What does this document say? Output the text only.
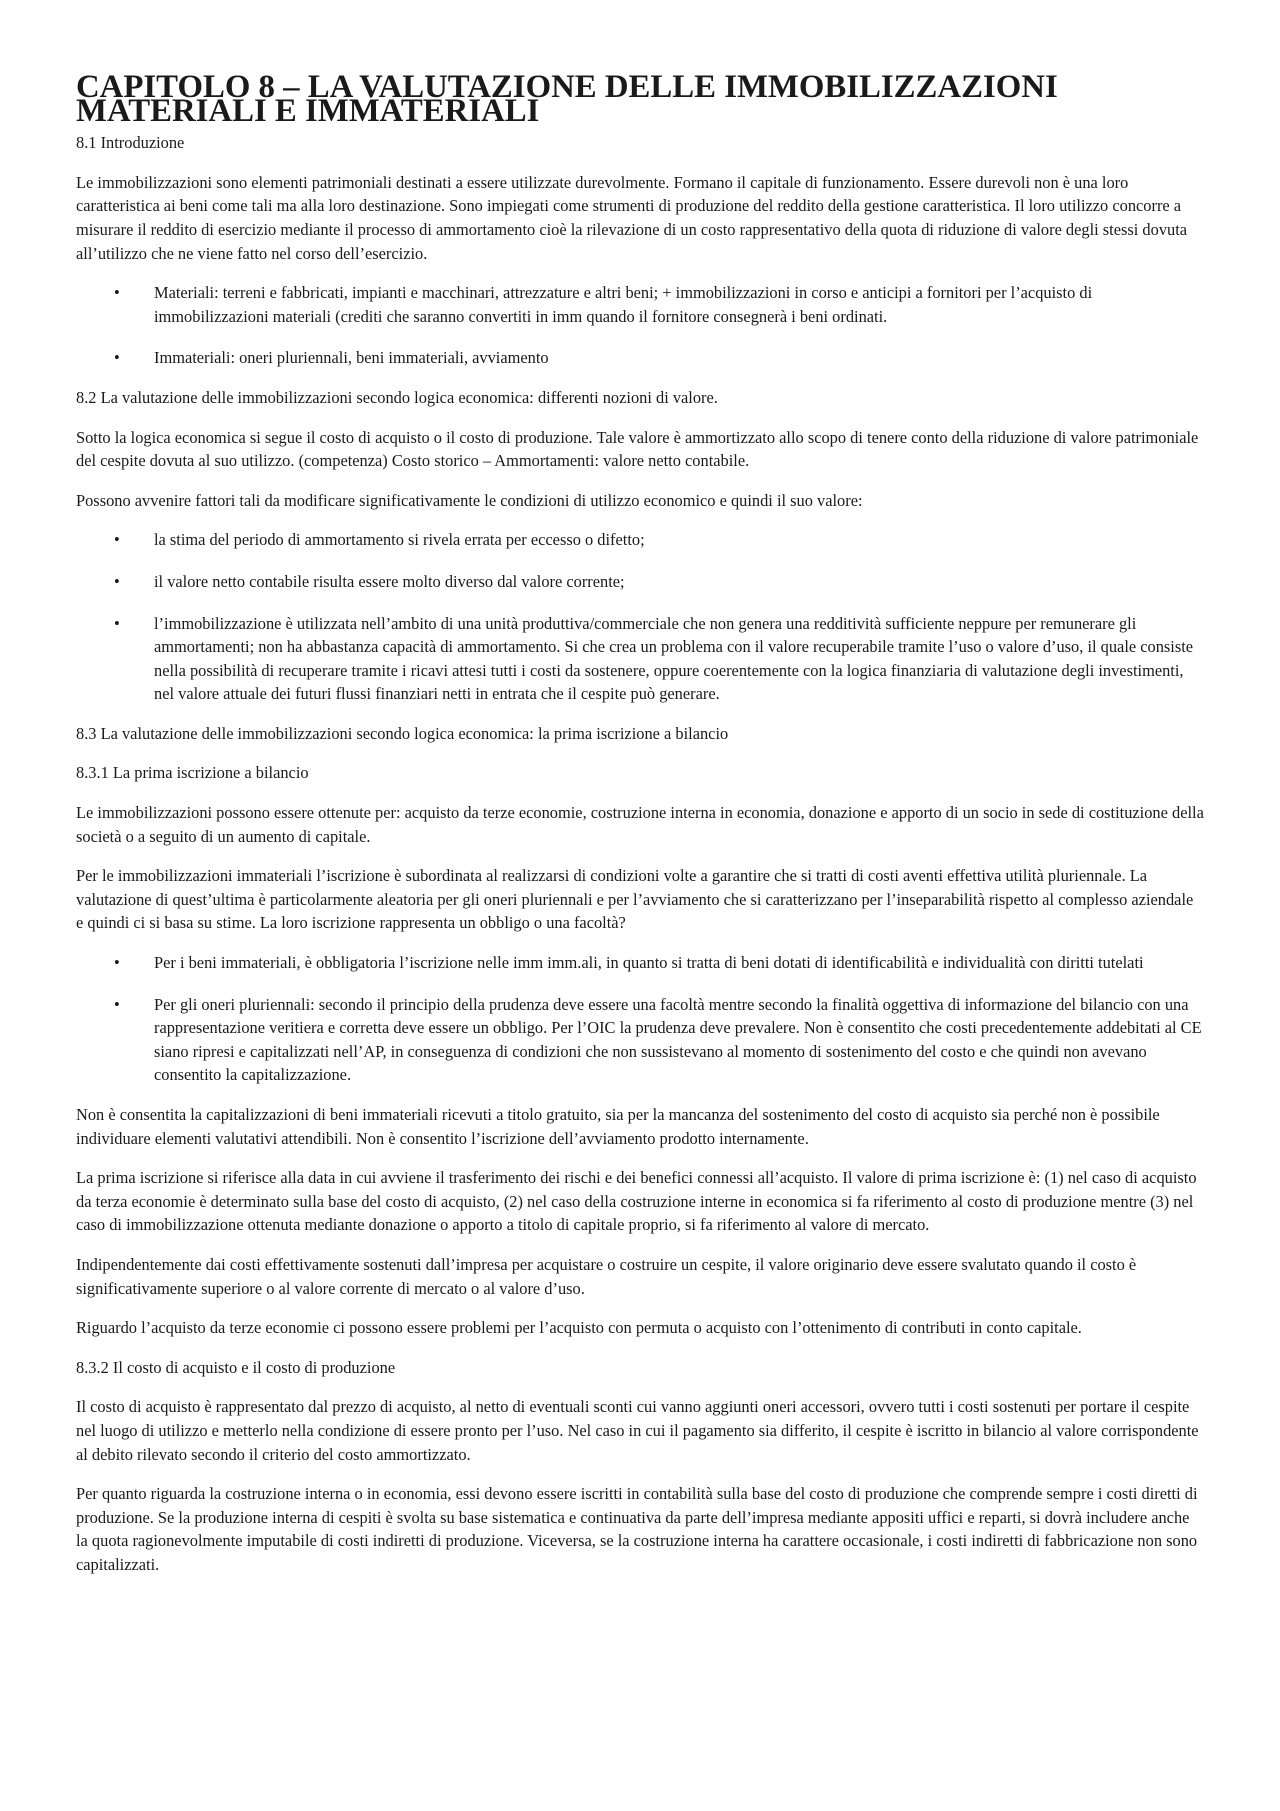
CAPITOLO 8 – LA VALUTAZIONE DELLE IMMOBILIZZAZIONI MATERIALI E IMMATERIALI
8.1 Introduzione

Le immobilizzazioni sono elementi patrimoniali destinati a essere utilizzate durevolmente. Formano il capitale di funzionamento. Essere durevoli non è una loro caratteristica ai beni come tali ma alla loro destinazione. Sono impiegati come strumenti di produzione del reddito della gestione caratteristica. Il loro utilizzo concorre a misurare il reddito di esercizio mediante il processo di ammortamento cioè la rilevazione di un costo rappresentativo della quota di riduzione di valore degli stessi dovuta all’utilizzo che ne viene fatto nel corso dell’esercizio.

• Materiali: terreni e fabbricati, impianti e macchinari, attrezzature e altri beni; + immobilizzazioni in corso e anticipi a fornitori per l’acquisto di immobilizzazioni materiali (crediti che saranno convertiti in imm quando il fornitore consegnerà i beni ordinati.
• Immateriali: oneri pluriennali, beni immateriali, avviamento
8.2 La valutazione delle immobilizzazioni secondo logica economica: differenti nozioni di valore.

Sotto la logica economica si segue il costo di acquisto o il costo di produzione. Tale valore è ammortizzato allo scopo di tenere conto della riduzione di valore patrimoniale del cespite dovuta al suo utilizzo. (competenza) Costo storico – Ammortamenti: valore netto contabile.

Possono avvenire fattori tali da modificare significativamente le condizioni di utilizzo economico e quindi il suo valore:

• la stima del periodo di ammortamento si rivela errata per eccesso o difetto;
• il valore netto contabile risulta essere molto diverso dal valore corrente;
• l’immobilizzazione è utilizzata nell’ambito di una unità produttiva/commerciale che non genera una redditività sufficiente neppure per remunerare gli ammortamenti; non ha abbastanza capacità di ammortamento. Si che crea un problema con il valore recuperabile tramite l’uso o valore d’uso, il quale consiste nella possibilità di recuperare tramite i ricavi attesi tutti i costi da sostenere, oppure coerentemente con la logica finanziaria di valutazione degli investimenti, nel valore attuale dei futuri flussi finanziari netti in entrata che il cespite può generare.
8.3 La valutazione delle immobilizzazioni secondo logica economica: la prima iscrizione a bilancio
8.3.1 La prima iscrizione a bilancio

Le immobilizzazioni possono essere ottenute per: acquisto da terze economie, costruzione interna in economia, donazione e apporto di un socio in sede di costituzione della società o a seguito di un aumento di capitale.

Per le immobilizzazioni immateriali l’iscrizione è subordinata al realizzarsi di condizioni volte a garantire che si tratti di costi aventi effettiva utilità pluriennale. La valutazione di quest’ultima è particolarmente aleatoria per gli oneri pluriennali e per l’avviamento che si caratterizzano per l’inseparabilità rispetto al complesso aziendale e quindi ci si basa su stime. La loro iscrizione rappresenta un obbligo o una facoltà?

• Per i beni immateriali, è obbligatoria l’iscrizione nelle imm imm.ali, in quanto si tratta di beni dotati di identificabilità e individualità con diritti tutelati
• Per gli oneri pluriennali: secondo il principio della prudenza deve essere una facoltà mentre secondo la finalità oggettiva di informazione del bilancio con una rappresentazione veritiera e corretta deve essere un obbligo. Per l’OIC la prudenza deve prevalere. Non è consentito che costi precedentemente addebitati al CE siano ripresi e capitalizzati nell’AP, in conseguenza di condizioni che non sussistevano al momento di sostenimento del costo e che quindi non avevano consentito la capitalizzazione.

Non è consentita la capitalizzazioni di beni immateriali ricevuti a titolo gratuito, sia per la mancanza del sostenimento del costo di acquisto sia perché non è possibile individuare elementi valutativi attendibili. Non è consentito l’iscrizione dell’avviamento prodotto internamente.

La prima iscrizione si riferisce alla data in cui avviene il trasferimento dei rischi e dei benefici connessi all’acquisto. Il valore di prima iscrizione è: (1) nel caso di acquisto da terza economie è determinato sulla base del costo di acquisto, (2) nel caso della costruzione interne in economica si fa riferimento al costo di produzione mentre (3) nel caso di immobilizzazione ottenuta mediante donazione o apporto a titolo di capitale proprio, si fa riferimento al valore di mercato.

Indipendentemente dai costi effettivamente sostenuti dall’impresa per acquistare o costruire un cespite, il valore originario deve essere svalutato quando il costo è significativamente superiore o al valore corrente di mercato o al valore d’uso.

Riguardo l’acquisto da terze economie ci possono essere problemi per l’acquisto con permuta o acquisto con l’ottenimento di contributi in conto capitale.

8.3.2 Il costo di acquisto e il costo di produzione

Il costo di acquisto è rappresentato dal prezzo di acquisto, al netto di eventuali sconti cui vanno aggiunti oneri accessori, ovvero tutti i costi sostenuti per portare il cespite nel luogo di utilizzo e metterlo nella condizione di essere pronto per l’uso. Nel caso in cui il pagamento sia differito, il cespite è iscritto in bilancio al valore corrispondente al debito rilevato secondo il criterio del costo ammortizzato.

Per quanto riguarda la costruzione interna o in economia, essi devono essere iscritti in contabilità sulla base del costo di produzione che comprende sempre i costi diretti di produzione. Se la produzione interna di cespiti è svolta su base sistematica e continuativa da parte dell’impresa mediante appositi uffici e reparti, si dovrà includere anche la quota ragionevolmente imputabile di costi indiretti di produzione. Viceversa, se la costruzione interna ha carattere occasionale, i costi indiretti di fabbricazione non sono capitalizzati.
